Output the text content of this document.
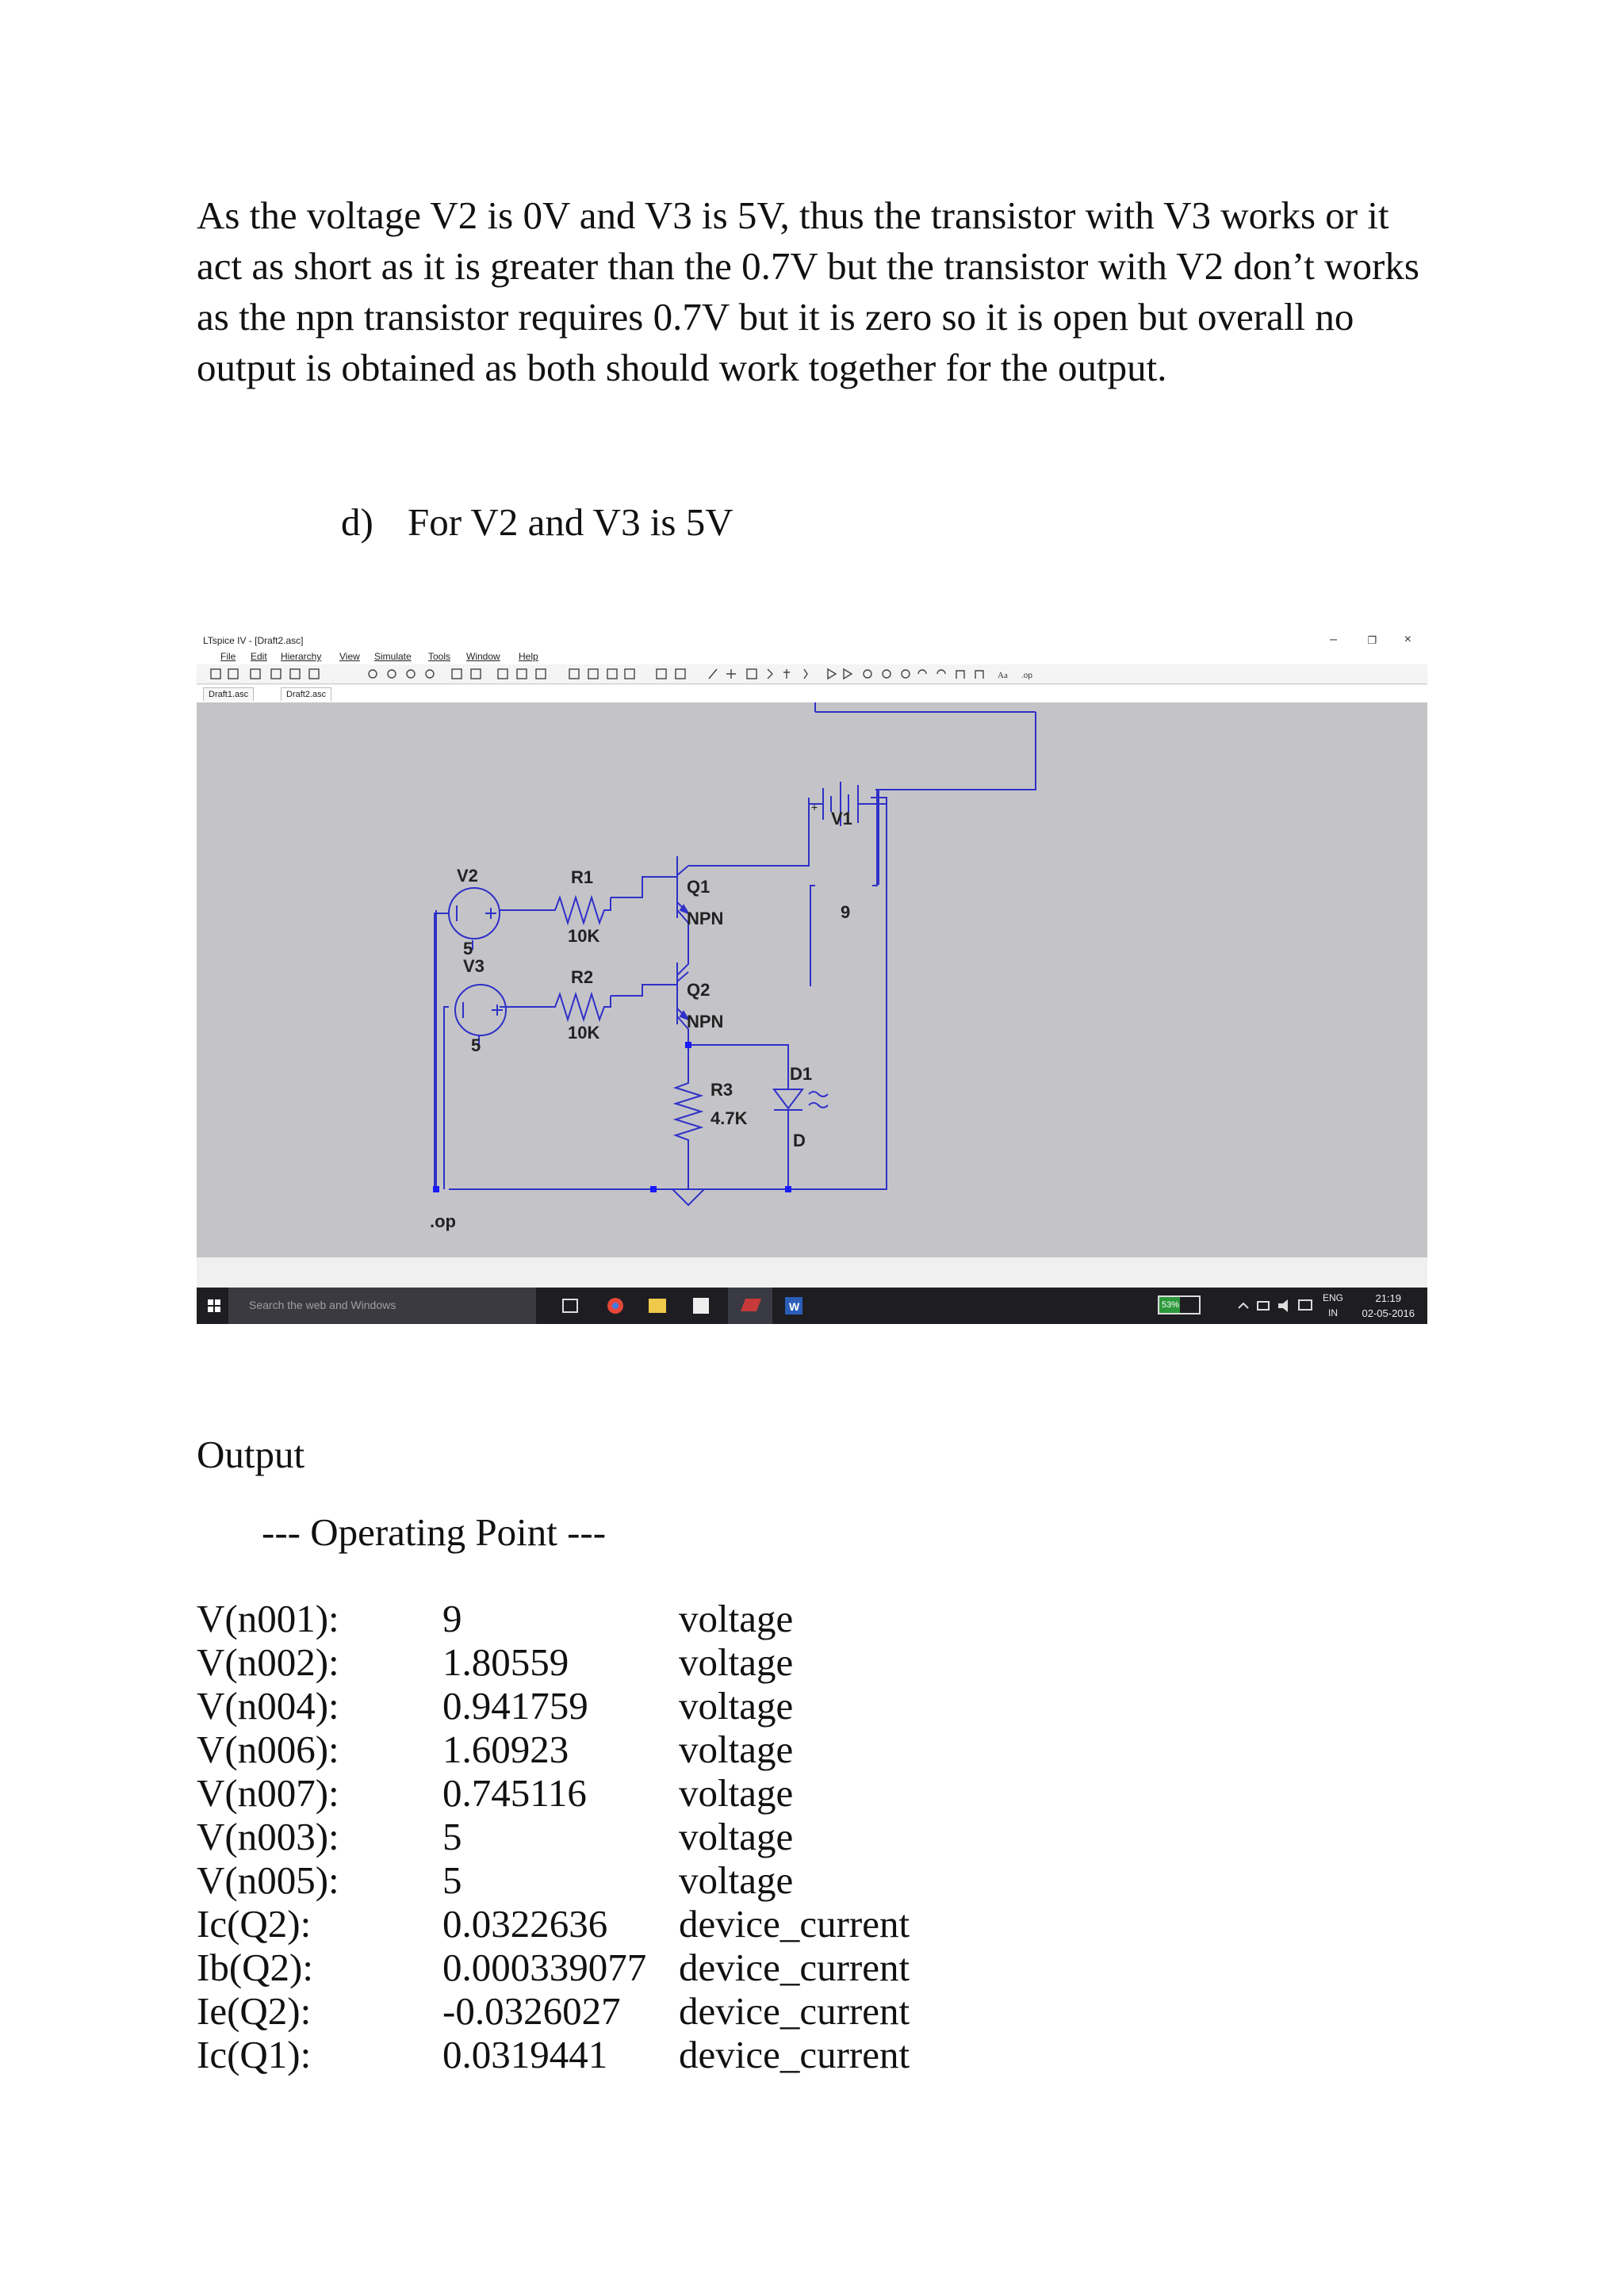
As the voltage V2 is 0V and V3 is 5V, thus the transistor with V3 works or it act as short as it is greater than the 0.7V but the transistor with V2 don’t works as the npn transistor requires 0.7V but it is zero so it is open but overall no output is obtained as both should work together for the output.
d) For V2 and V3 is 5V
LTspice IV - [Draft2.asc]	–	❐ ×
File Edit Hierarchy View Simulate Tools Window Help
Aa .op
Draft1.asc	Draft2.asc
+
V1
9
V2
5
V3
5
R1
10K
R2
10K
Q1
NPN
Q2
NPN
R3
4.7K
D1
D
.op
Search the web and Windows	W	53%
ENG
IN
21:19
02-05-2016
Output
--- Operating Point ---
V(n001):	9	voltage
V(n002):	1.80559	voltage
V(n004):	0.941759	voltage
V(n006):	1.60923	voltage
V(n007):	0.745116	voltage
V(n003):	5	voltage
V(n005):	5	voltage
Ic(Q2):	0.0322636	device_current
Ib(Q2):	0.000339077	device_current
Ie(Q2):	-0.0326027	device_current
Ic(Q1):	0.0319441	device_current
